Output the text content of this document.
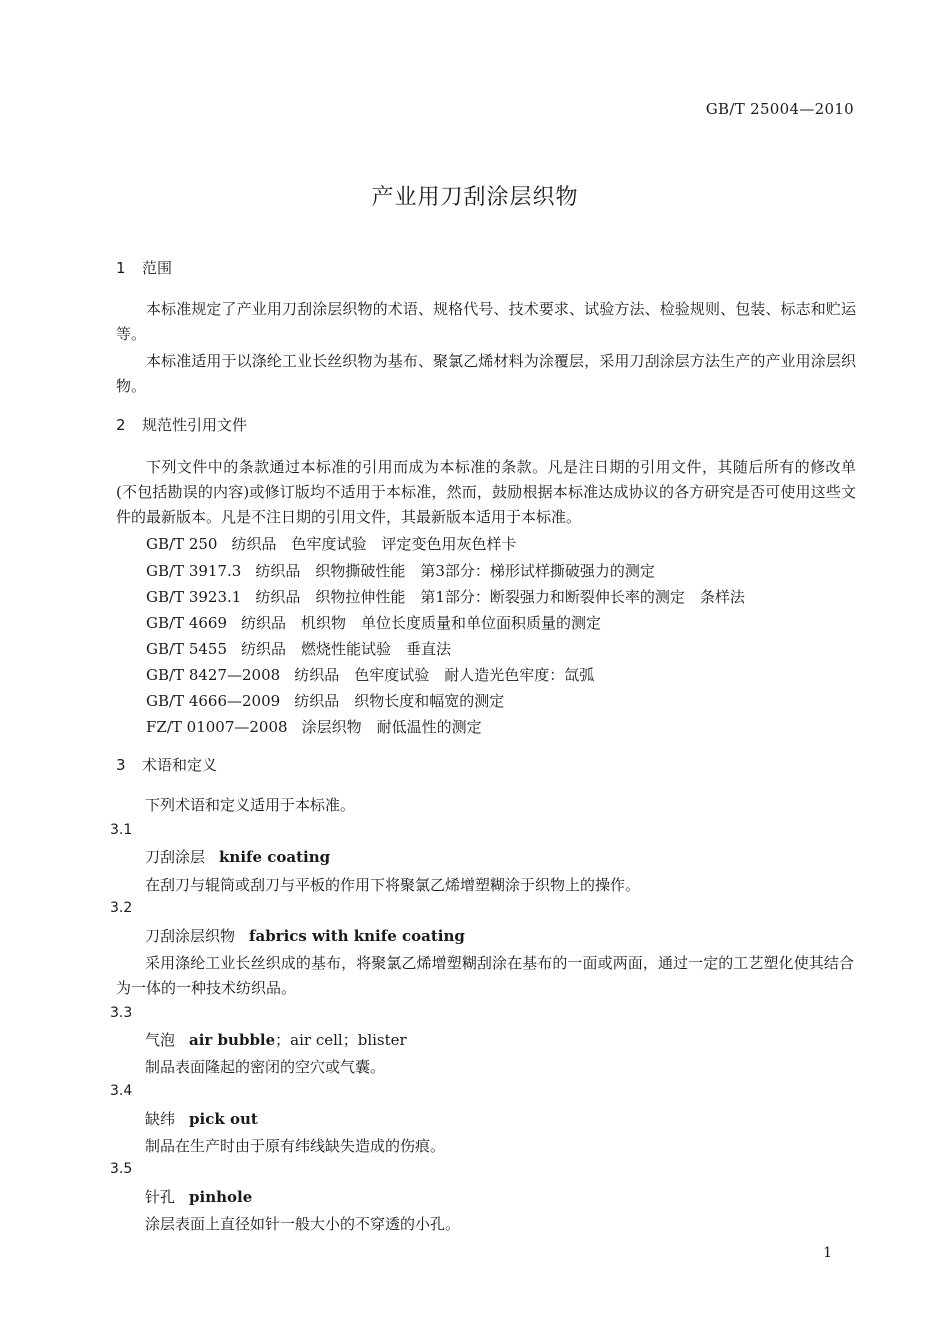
GB/T 25004—2010
产业用刀刮涂层织物
1 范围
本标准规定了产业用刀刮涂层织物的术语、规格代号、技术要求、试验方法、检验规则、包装、标志和贮运等。
本标准适用于以涤纶工业长丝织物为基布、聚氯乙烯材料为涂覆层，采用刀刮涂层方法生产的产业用涂层织物。
2 规范性引用文件
下列文件中的条款通过本标准的引用而成为本标准的条款。凡是注日期的引用文件，其随后所有的修改单(不包括勘误的内容)或修订版均不适用于本标准，然而，鼓励根据本标准达成协议的各方研究是否可使用这些文件的最新版本。凡是不注日期的引用文件，其最新版本适用于本标准。
GB/T 250 纺织品　色牢度试验　评定变色用灰色样卡
GB/T 3917.3 纺织品　织物撕破性能　第3部分：梯形试样撕破强力的测定
GB/T 3923.1 纺织品　织物拉伸性能　第1部分：断裂强力和断裂伸长率的测定　条样法
GB/T 4669 纺织品　机织物　单位长度质量和单位面积质量的测定
GB/T 5455 纺织品　燃烧性能试验　垂直法
GB/T 8427—2008 纺织品　色牢度试验　耐人造光色牢度：氙弧
GB/T 4666—2009 纺织品　织物长度和幅宽的测定
FZ/T 01007—2008 涂层织物　耐低温性的测定
3 术语和定义
下列术语和定义适用于本标准。
3.1
刀刮涂层 knife coating
在刮刀与辊筒或刮刀与平板的作用下将聚氯乙烯增塑糊涂于织物上的操作。
3.2
刀刮涂层织物 fabrics with knife coating
采用涤纶工业长丝织成的基布，将聚氯乙烯增塑糊刮涂在基布的一面或两面，通过一定的工艺塑化使其结合为一体的一种技术纺织品。
3.3
气泡 air bubble；air cell；blister
制品表面隆起的密闭的空穴或气囊。
3.4
缺纬 pick out
制品在生产时由于原有纬线缺失造成的伤痕。
3.5
针孔 pinhole
涂层表面上直径如针一般大小的不穿透的小孔。
1
